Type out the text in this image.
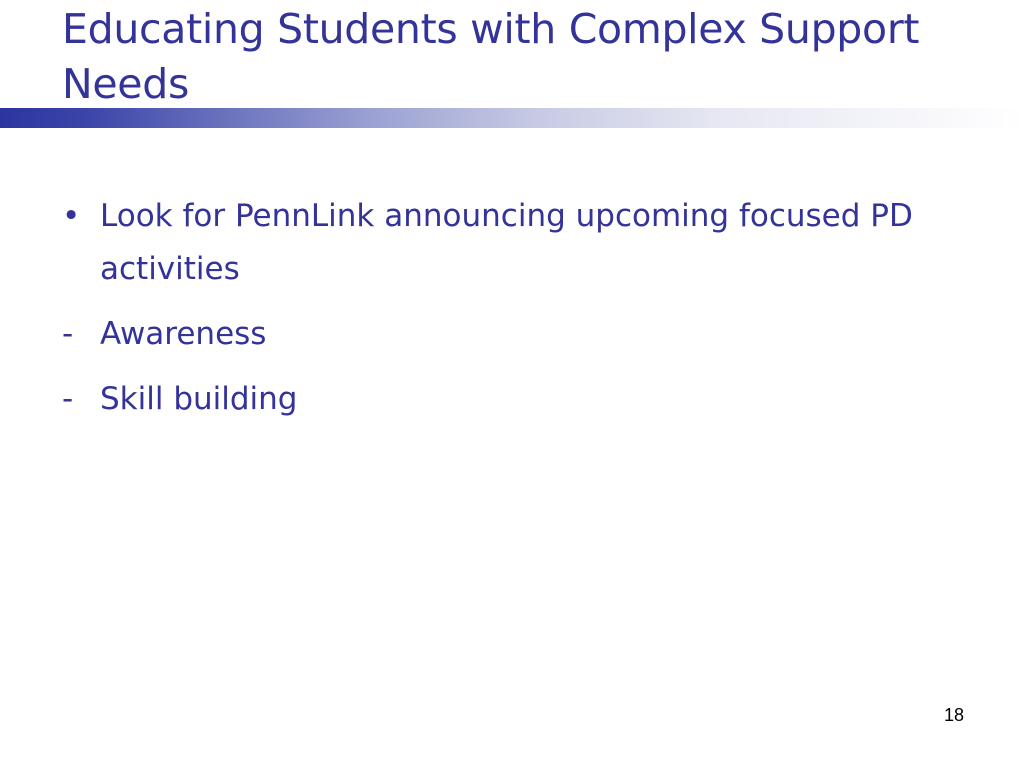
Educating Students with Complex Support Needs
• Look for PennLink announcing upcoming focused PD activities
- Awareness
- Skill building
18
